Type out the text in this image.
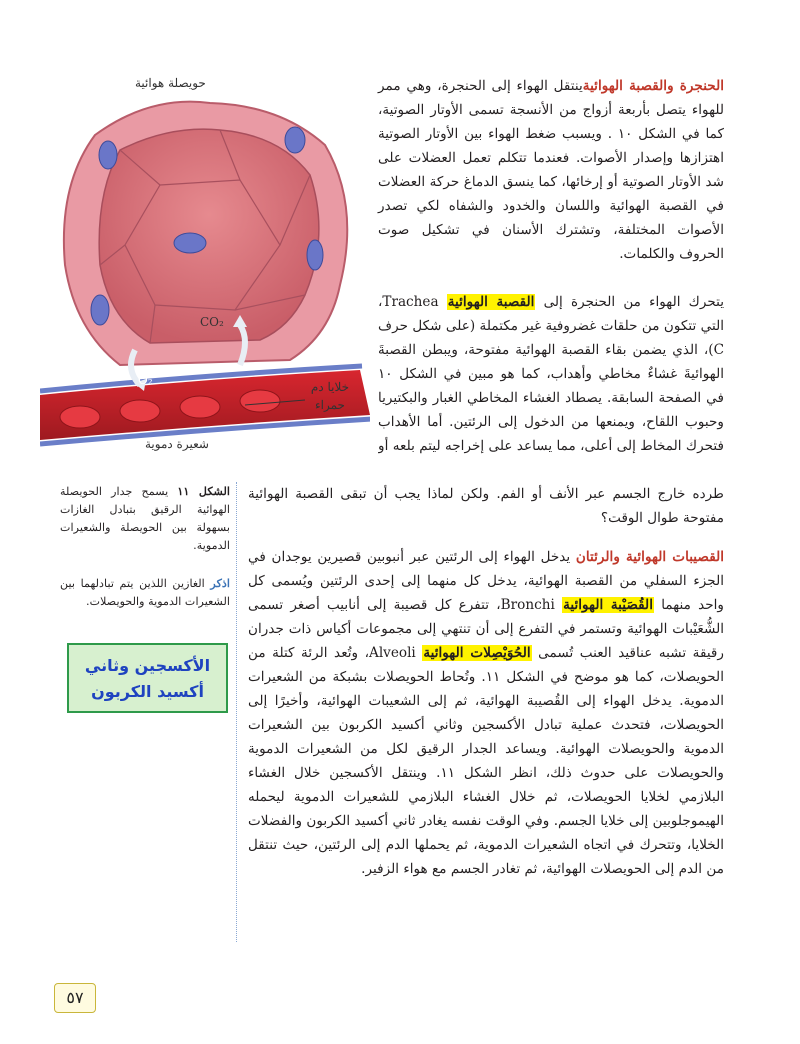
حويصلة هوائية
CO₂
O₂	خلايا دم حمراء
شعيرة دموية
الحنجرة والقصبة الهوائيةينتقل الهواء إلى الحنجرة، وهي ممر للهواء يتصل بأربعة أزواج من الأنسجة تسمى الأوتار الصوتية، كما في الشكل ١٠ . ويسبب ضغط الهواء بين الأوتار الصوتية اهتزازها وإصدار الأصوات. فعندما تتكلم تعمل العضلات على شد الأوتار الصوتية أو إرخائها، كما ينسق الدماغ حركة العضلات في القصبة الهوائية واللسان والخدود والشفاه لكي تصدر الأصوات المختلفة، وتشترك الأسنان في تشكيل صوت الحروف والكلمات.
يتحرك الهواء من الحنجرة إلى القصبة الهوائية Trachea، التي تتكون من حلقات غضروفية غير مكتملة (على شكل حرف C)، الذي يضمن بقاء القصبة الهوائية مفتوحة، ويبطن القصبةَ الهوائيةَ غشاءٌ مخاطي وأهداب، كما هو مبين في الشكل ١٠ في الصفحة السابقة. يصطاد الغشاء المخاطي الغبار والبكتيريا وحبوب اللقاح، ويمنعها من الدخول إلى الرئتين. أما الأهداب فتحرك المخاط إلى أعلى، مما يساعد على إخراجه ليتم بلعه أو
طرده خارج الجسم عبر الأنف أو الفم. ولكن لماذا يجب أن تبقى القصبة الهوائية مفتوحة طوال الوقت؟
القصيبات الهوائية والرئتان يدخل الهواء إلى الرئتين عبر أنبوبين قصيرين يوجدان في الجزء السفلي من القصبة الهوائية، يدخل كل منهما إلى إحدى الرئتين ويُسمى كل واحد منهما القُصَيْبة الهوائية Bronchi، تتفرع كل قصيبة إلى أنابيب أصغر تسمى الشُّعَيْبات الهوائية وتستمر في التفرع إلى أن تنتهي إلى مجموعات أكياس ذات جدران رقيقة تشبه عناقيد العنب تُسمى الحُوَيْصِلات الهوائية Alveoli، وتُعد الرئة كتلة من الحويصلات، كما هو موضح في الشكل ١١. وتُحاط الحويصلات بشبكة من الشعيرات الدموية. يدخل الهواء إلى القُصيبة الهوائية، ثم إلى الشعيبات الهوائية، وأخيرًا إلى الحويصلات، فتحدث عملية تبادل الأكسجين وثاني أكسيد الكربون بين الشعيرات الدموية والحويصلات الهوائية. ويساعد الجدار الرقيق لكل من الشعيرات الدموية والحويصلات على حدوث ذلك، انظر الشكل ١١. وينتقل الأكسجين خلال الغشاء البلازمي لخلايا الحويصلات، ثم خلال الغشاء البلازمي للشعيرات الدموية ليحمله الهيموجلوبين إلى خلايا الجسم. وفي الوقت نفسه يغادر ثاني أكسيد الكربون والفضلات الخلايا، وتتحرك في اتجاه الشعيرات الدموية، ثم يحملها الدم إلى الرئتين، حيث تنتقل من الدم إلى الحويصلات الهوائية، ثم تغادر الجسم مع هواء الزفير.
الشكل ١١ يسمح جدار الحويصلة الهوائية الرقيق بتبادل الغازات بسهولة بين الحويصلة والشعيرات الدموية.
اذكر الغازين اللذين يتم تبادلهما بين الشعيرات الدموية والحويصلات.
الأكسجين وثاني أكسيد الكربون
٥٧
